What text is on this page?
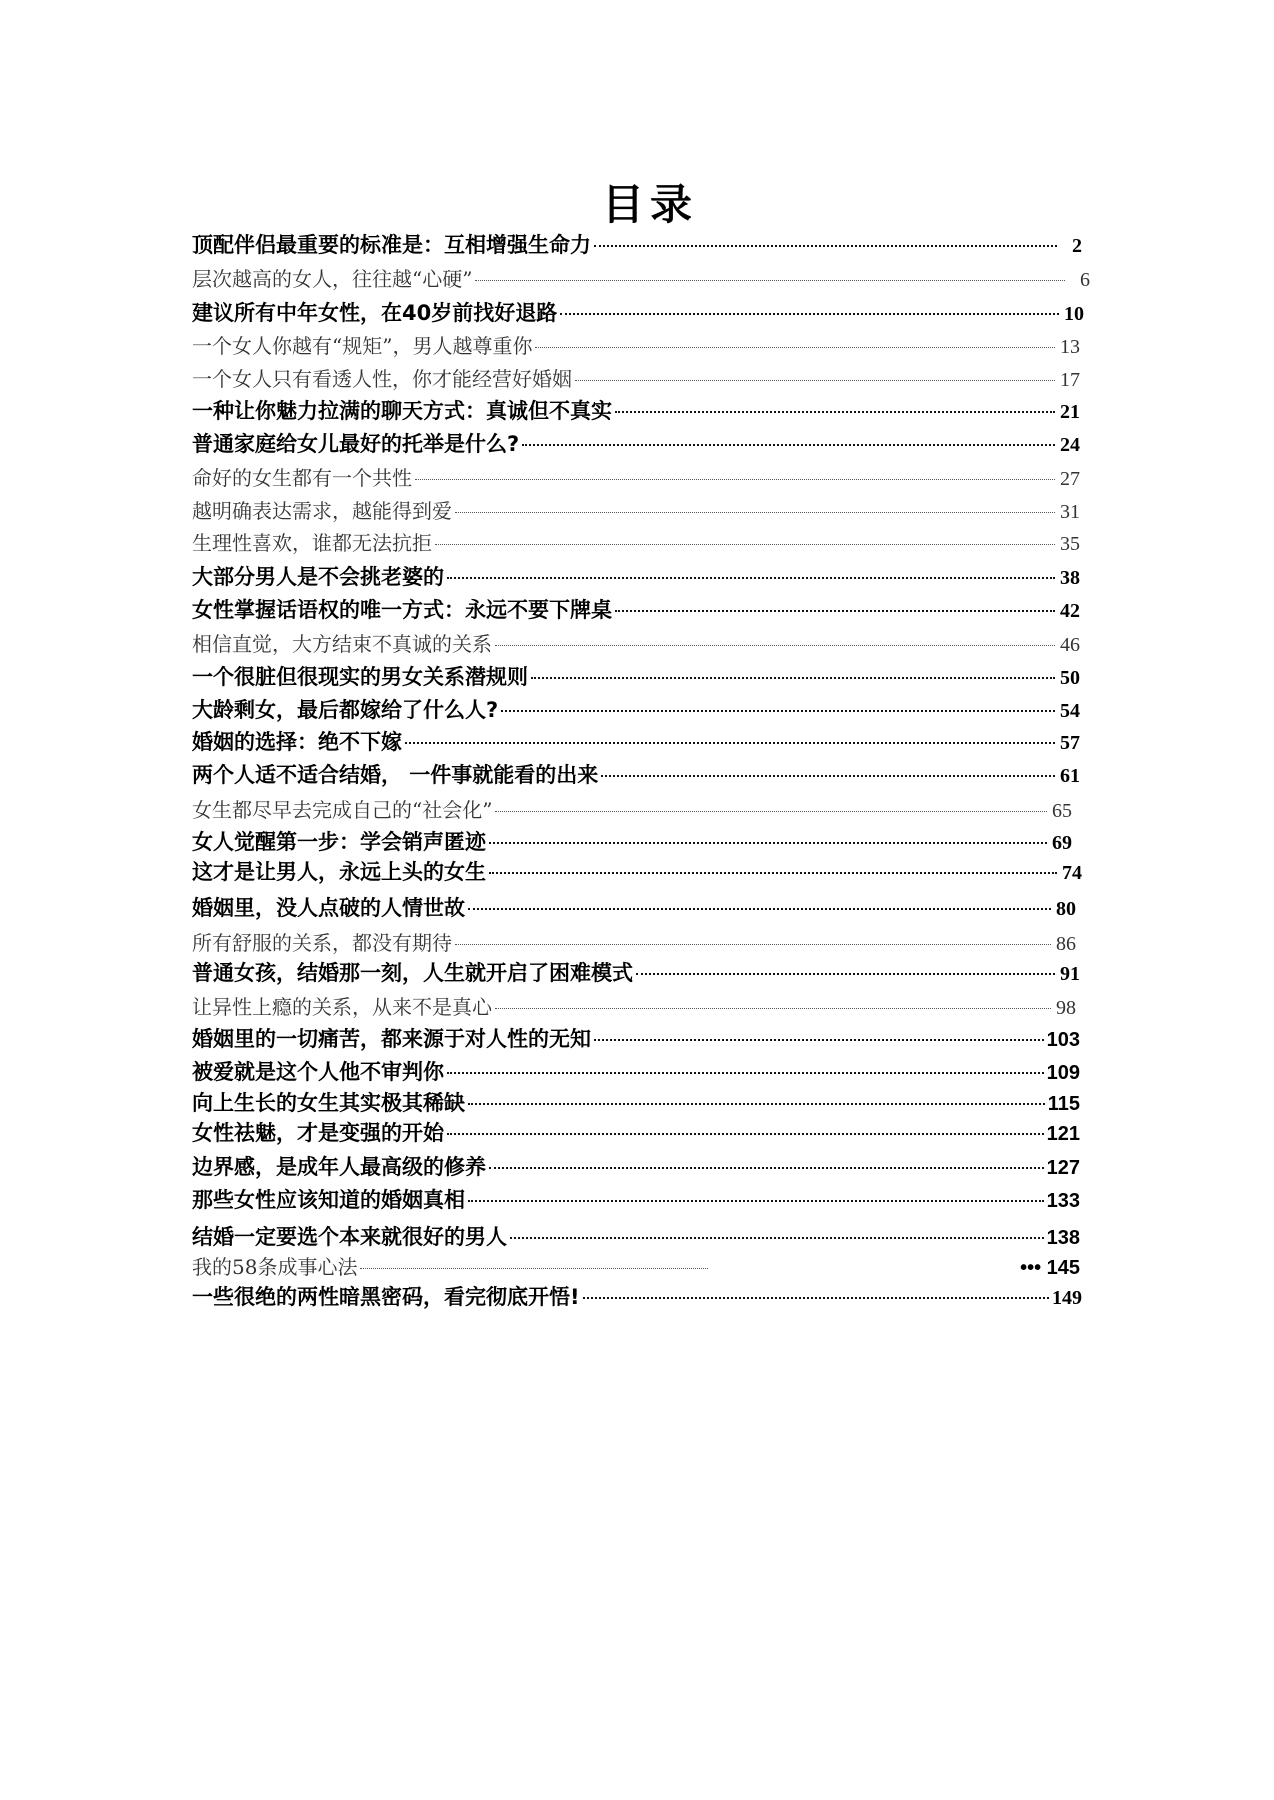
目录
顶配伴侣最重要的标准是：互相增强生命力	2
层次越高的女人，往往越“心硬”	6
建议所有中年女性，在40岁前找好退路	10
一个女人你越有“规矩”，男人越尊重你	13
一个女人只有看透人性，你才能经营好婚姻	17
一种让你魅力拉满的聊天方式：真诚但不真实	21
普通家庭给女儿最好的托举是什么?	24
命好的女生都有一个共性	27
越明确表达需求，越能得到爱	31
生理性喜欢，谁都无法抗拒	35
大部分男人是不会挑老婆的	38
女性掌握话语权的唯一方式：永远不要下牌桌	42
相信直觉，大方结束不真诚的关系	46
一个很脏但很现实的男女关系潜规则	50
大龄剩女，最后都嫁给了什么人?	54
婚姻的选择：绝不下嫁	57
两个人适不适合结婚， 一件事就能看的出来	61
女生都尽早去完成自己的“社会化”	65
女人觉醒第一步：学会销声匿迹	69
这才是让男人，永远上头的女生	74
婚姻里，没人点破的人情世故	80
所有舒服的关系，都没有期待	86
普通女孩，结婚那一刻，人生就开启了困难模式	91
让异性上瘾的关系，从来不是真心	98
婚姻里的一切痛苦，都来源于对人性的无知	103
被爱就是这个人他不审判你	109
向上生长的女生其实极其稀缺	115
女性祛魅，才是变强的开始	121
边界感，是成年人最高级的修养	127
那些女性应该知道的婚姻真相	133
结婚一定要选个本来就很好的男人	138
我的58条成事心法	••• 145
一些很绝的两性暗黑密码，看完彻底开悟!	149
